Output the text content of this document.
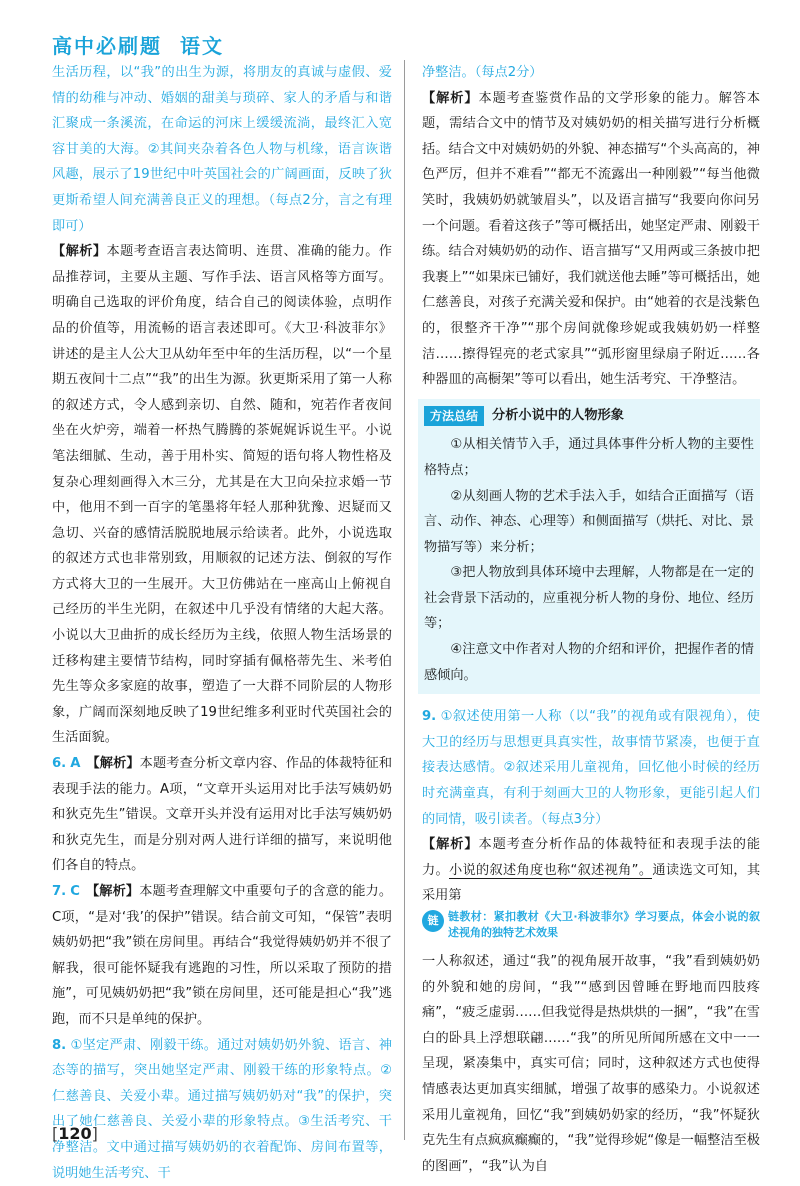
高中必刷题 语文

生活历程，以“我”的出生为源，将朋友的真诚与虚假、爱情的幼稚与冲动、婚姻的甜美与琐碎、家人的矛盾与和谐汇聚成一条溪流，在命运的河床上缓缓流淌，最终汇入宽容甘美的大海。②其间夹杂着各色人物与机缘，语言诙谐风趣，展示了19世纪中叶英国社会的广阔画面，反映了狄更斯希望人间充满善良正义的理想。（每点2分，言之有理即可）

【解析】本题考查语言表达简明、连贯、准确的能力。作品推荐词，主要从主题、写作手法、语言风格等方面写。明确自己选取的评价角度，结合自己的阅读体验，点明作品的价值等，用流畅的语言表述即可。《大卫·科波菲尔》讲述的是主人公大卫从幼年至中年的生活历程，以“一个星期五夜间十二点”“我”的出生为源。狄更斯采用了第一人称的叙述方式，令人感到亲切、自然、随和，宛若作者夜间坐在火炉旁，端着一杯热气腾腾的茶娓娓诉说生平。小说笔法细腻、生动，善于用朴实、简短的语句将人物性格及复杂心理刻画得入木三分，尤其是在大卫向朵拉求婚一节中，他用不到一百字的笔墨将年轻人那种犹豫、迟疑而又急切、兴奋的感情活脱脱地展示给读者。此外，小说选取的叙述方式也非常别致，用顺叙的记述方法、倒叙的写作方式将大卫的一生展开。大卫仿佛站在一座高山上俯视自己经历的半生光阴，在叙述中几乎没有情绪的大起大落。小说以大卫曲折的成长经历为主线，依照人物生活场景的迁移构建主要情节结构，同时穿插有佩格蒂先生、米考伯先生等众多家庭的故事，塑造了一大群不同阶层的人物形象，广阔而深刻地反映了19世纪维多利亚时代英国社会的生活面貌。

6. A 【解析】本题考查分析文章内容、作品的体裁特征和表现手法的能力。A项，“文章开头运用对比手法写姨奶奶和狄克先生”错误。文章开头并没有运用对比手法写姨奶奶和狄克先生，而是分别对两人进行详细的描写，来说明他们各自的特点。

7. C 【解析】本题考查理解文中重要句子的含意的能力。C项，“是对‘我’的保护”错误。结合前文可知，“保管”表明姨奶奶把“我”锁在房间里。再结合“我觉得姨奶奶并不很了解我，很可能怀疑我有逃跑的习性，所以采取了预防的措施”，可见姨奶奶把“我”锁在房间里，还可能是担心“我”逃跑，而不只是单纯的保护。

8. ①坚定严肃、刚毅干练。通过对姨奶奶外貌、语言、神态等的描写，突出她坚定严肃、刚毅干练的形象特点。②仁慈善良、关爱小辈。通过描写姨奶奶对“我”的保护，突出了她仁慈善良、关爱小辈的形象特点。③生活考究、干净整洁。文中通过描写姨奶奶的衣着配饰、房间布置等，说明她生活考究、干

净整洁。（每点2分）

【解析】本题考查鉴赏作品的文学形象的能力。解答本题，需结合文中的情节及对姨奶奶的相关描写进行分析概括。结合文中对姨奶奶的外貌、神态描写“个头高高的，神色严厉，但并不难看”“都无不流露出一种刚毅”“每当他微笑时，我姨奶奶就皱眉头”，以及语言描写“我要向你问另一个问题。看着这孩子”等可概括出，她坚定严肃、刚毅干练。结合对姨奶奶的动作、语言描写“又用两或三条披巾把我裹上”“如果床已铺好，我们就送他去睡”等可概括出，她仁慈善良，对孩子充满关爱和保护。由“她着的衣是浅紫色的，很整齐干净”“那个房间就像珍妮或我姨奶奶一样整洁……擦得锃亮的老式家具”“弧形窗里绿扇子附近……各种器皿的高橱架”等可以看出，她生活考究、干净整洁。

方法总结	分析小说中的人物形象

①从相关情节入手，通过具体事件分析人物的主要性格特点；

②从刻画人物的艺术手法入手，如结合正面描写（语言、动作、神态、心理等）和侧面描写（烘托、对比、景物描写等）来分析；

③把人物放到具体环境中去理解，人物都是在一定的社会背景下活动的，应重视分析人物的身份、地位、经历等；

④注意文中作者对人物的介绍和评价，把握作者的情感倾向。

9. ①叙述使用第一人称（以“我”的视角或有限视角），使大卫的经历与思想更具真实性，故事情节紧凑，也便于直接表达感情。②叙述采用儿童视角，回忆他小时候的经历时充满童真，有利于刻画大卫的人物形象，更能引起人们的同情，吸引读者。（每点3分）

【解析】本题考查分析作品的体裁特征和表现手法的能力。小说的叙述角度也称“叙述视角”。通读选文可知，其采用第

链 链教材：紧扣教材《大卫·科波菲尔》学习要点，体会小说的叙述视角的独特艺术效果

一人称叙述，通过“我”的视角展开故事，“我”看到姨奶奶的外貌和她的房间，“我”“感到因曾睡在野地而四肢疼痛”，“疲乏虚弱……但我觉得是热烘烘的一捆”，“我”在雪白的卧具上浮想联翩……“我”的所见所闻所感在文中一一呈现，紧凑集中，真实可信；同时，这种叙述方式也使得情感表达更加真实细腻，增强了故事的感染力。小说叙述采用儿童视角，回忆“我”到姨奶奶家的经历，“我”怀疑狄克先生有点疯疯癫癫的，“我”觉得珍妮“像是一幅整洁至极的图画”，“我”认为自

[120]
